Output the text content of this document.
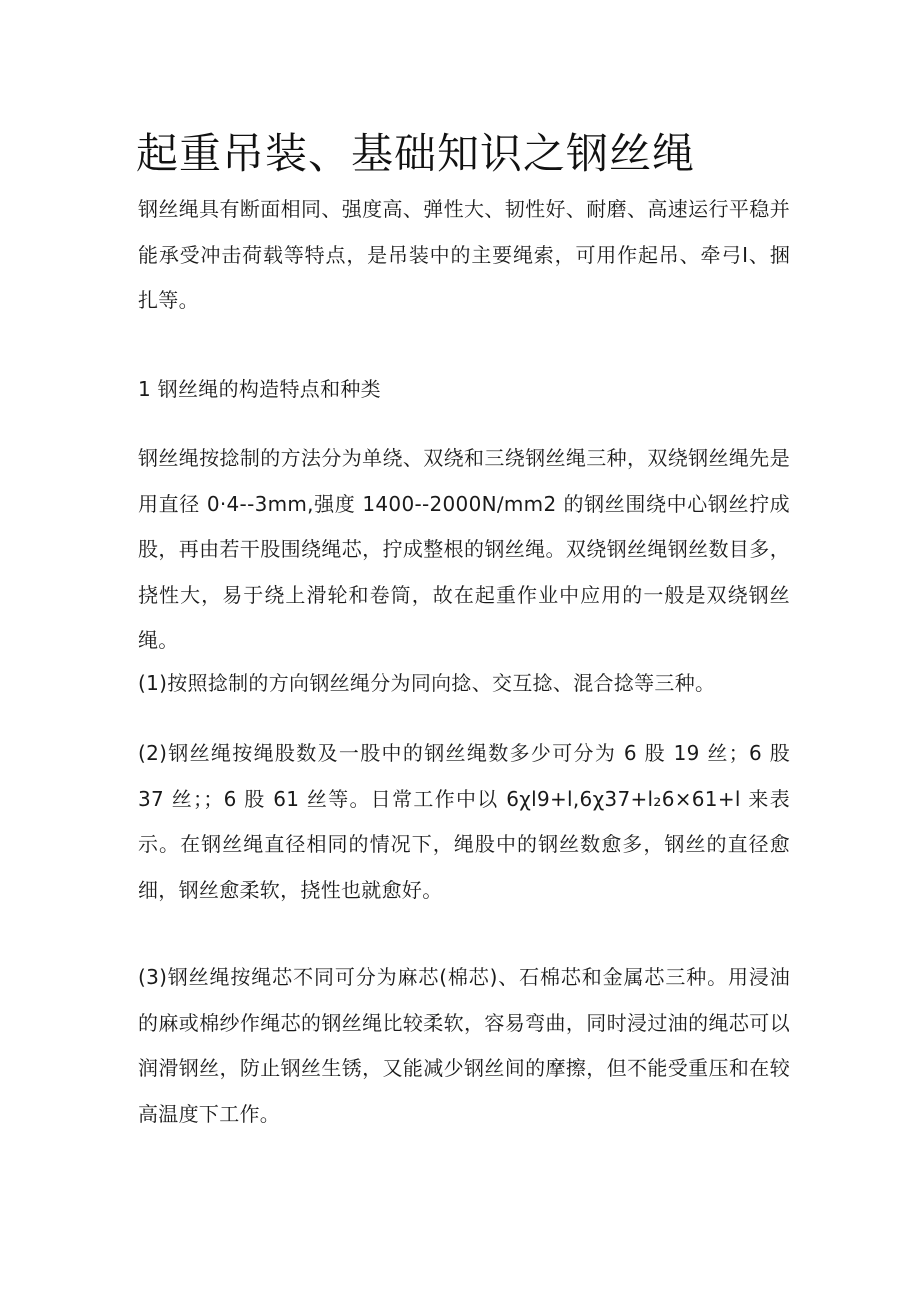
起重吊装、基础知识之钢丝绳

钢丝绳具有断面相同、强度高、弹性大、韧性好、耐磨、高速运行平稳并能承受冲击荷载等特点，是吊装中的主要绳索，可用作起吊、牵弓I、捆扎等。

1 钢丝绳的构造特点和种类

钢丝绳按捻制的方法分为单绕、双绕和三绕钢丝绳三种，双绕钢丝绳先是用直径 0·4--3mm,强度 1400--2000N∕mm2 的钢丝围绕中心钢丝拧成股，再由若干股围绕绳芯，拧成整根的钢丝绳。双绕钢丝绳钢丝数目多，挠性大，易于绕上滑轮和卷筒，故在起重作业中应用的一般是双绕钢丝绳。

(1)按照捻制的方向钢丝绳分为同向捻、交互捻、混合捻等三种。

(2)钢丝绳按绳股数及一股中的钢丝绳数多少可分为 6 股 19 丝；6 股 37 丝；；6 股 61 丝等。日常工作中以 6χl9+l,6χ37+l₂6×61+l 来表示。在钢丝绳直径相同的情况下，绳股中的钢丝数愈多，钢丝的直径愈细，钢丝愈柔软，挠性也就愈好。

(3)钢丝绳按绳芯不同可分为麻芯(棉芯)、石棉芯和金属芯三种。用浸油的麻或棉纱作绳芯的钢丝绳比较柔软，容易弯曲，同时浸过油的绳芯可以润滑钢丝，防止钢丝生锈，又能减少钢丝间的摩擦，但不能受重压和在较高温度下工作。
